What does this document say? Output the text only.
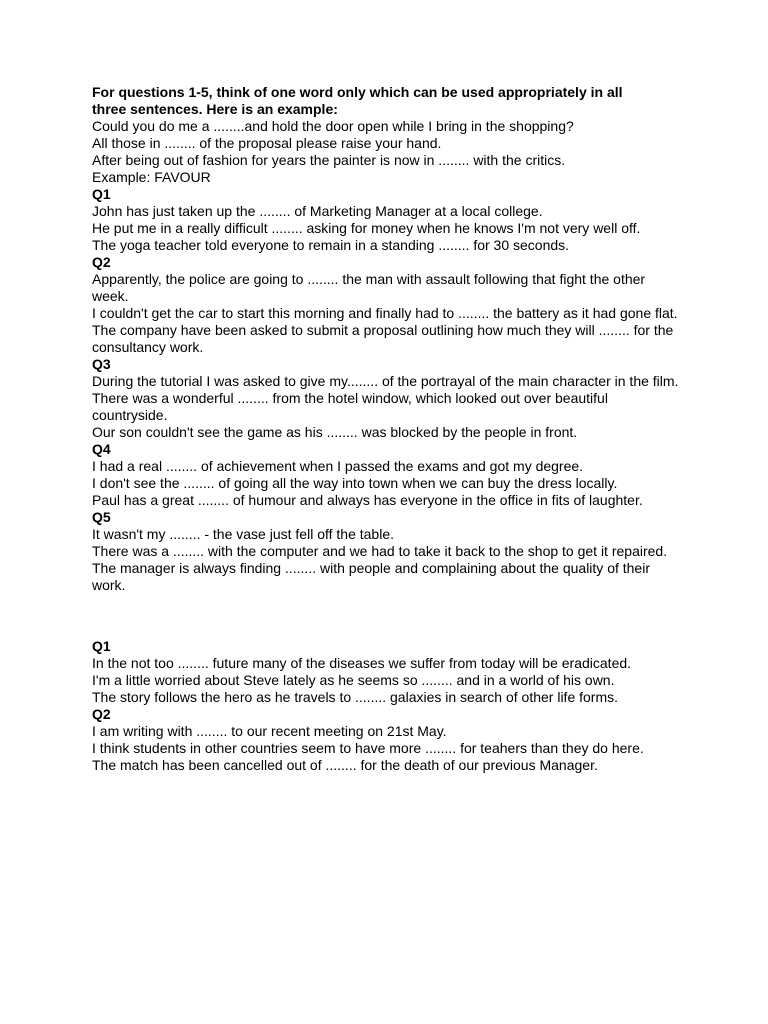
For questions 1-5, think of one word only which can be used appropriately in all

three sentences. Here is an example:

Could you do me a ........and hold the door open while I bring in the shopping?

All those in ........ of the proposal please raise your hand.

After being out of fashion for years the painter is now in ........ with the critics.

Example: FAVOUR

Q1

John has just taken up the ........ of Marketing Manager at a local college.

He put me in a really difficult ........ asking for money when he knows I'm not very well off.

The yoga teacher told everyone to remain in a standing ........ for 30 seconds.

Q2

Apparently, the police are going to ........ the man with assault following that fight the other week.

I couldn't get the car to start this morning and finally had to ........ the battery as it had gone flat.

The company have been asked to submit a proposal outlining how much they will ........ for the consultancy work.

Q3

During the tutorial I was asked to give my........ of the portrayal of the main character in the film.

There was a wonderful ........ from the hotel window, which looked out over beautiful countryside.

Our son couldn't see the game as his ........ was blocked by the people in front.

Q4

I had a real ........ of achievement when I passed the exams and got my degree.

I don't see the ........ of going all the way into town when we can buy the dress locally.

Paul has a great ........ of humour and always has everyone in the office in fits of laughter.

Q5

It wasn't my ........ - the vase just fell off the table.

There was a ........ with the computer and we had to take it back to the shop to get it repaired.

The manager is always finding ........ with people and complaining about the quality of their work.

Q1

In the not too ........ future many of the diseases we suffer from today will be eradicated.

I'm a little worried about Steve lately as he seems so ........ and in a world of his own.

The story follows the hero as he travels to ........ galaxies in search of other life forms.

Q2

I am writing with ........ to our recent meeting on 21st May.

I think students in other countries seem to have more ........ for teahers than they do here.

The match has been cancelled out of ........ for the death of our previous Manager.
